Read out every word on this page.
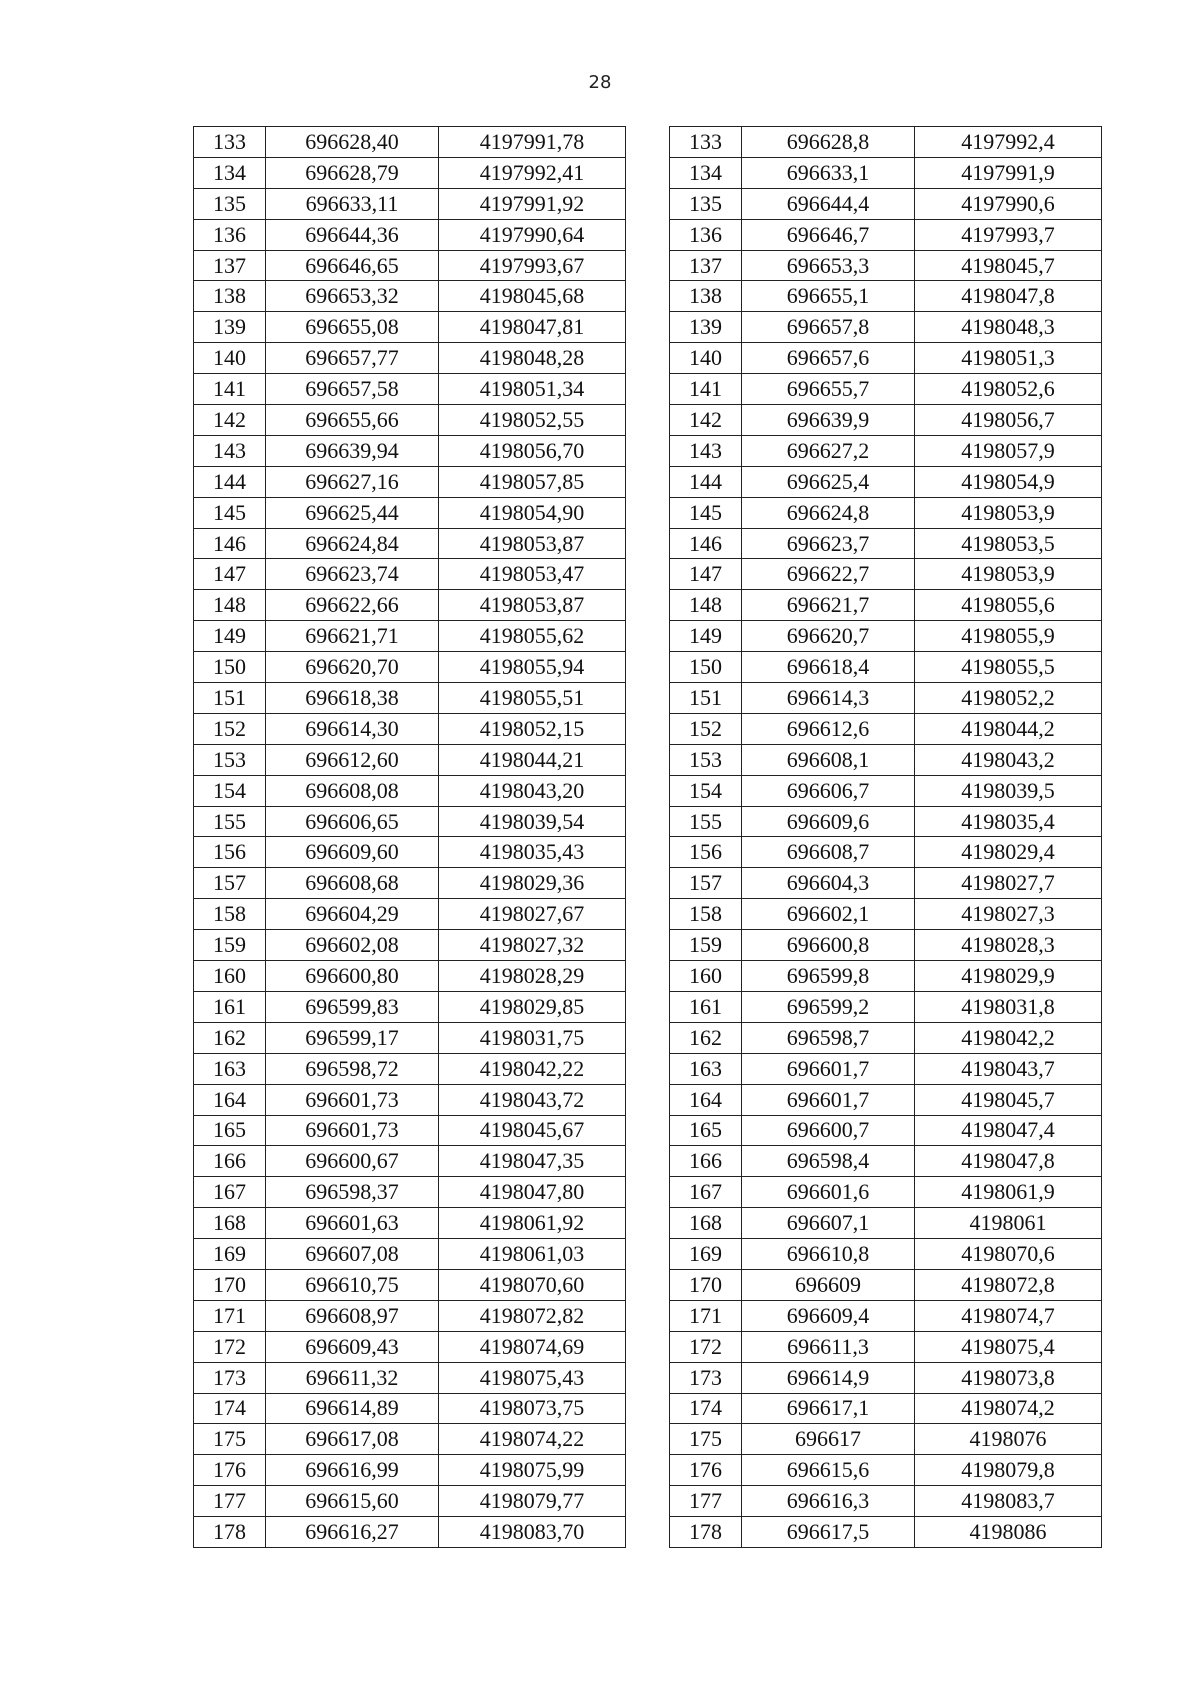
28
133	696628,40	4197991,78
134	696628,79	4197992,41
135	696633,11	4197991,92
136	696644,36	4197990,64
137	696646,65	4197993,67
138	696653,32	4198045,68
139	696655,08	4198047,81
140	696657,77	4198048,28
141	696657,58	4198051,34
142	696655,66	4198052,55
143	696639,94	4198056,70
144	696627,16	4198057,85
145	696625,44	4198054,90
146	696624,84	4198053,87
147	696623,74	4198053,47
148	696622,66	4198053,87
149	696621,71	4198055,62
150	696620,70	4198055,94
151	696618,38	4198055,51
152	696614,30	4198052,15
153	696612,60	4198044,21
154	696608,08	4198043,20
155	696606,65	4198039,54
156	696609,60	4198035,43
157	696608,68	4198029,36
158	696604,29	4198027,67
159	696602,08	4198027,32
160	696600,80	4198028,29
161	696599,83	4198029,85
162	696599,17	4198031,75
163	696598,72	4198042,22
164	696601,73	4198043,72
165	696601,73	4198045,67
166	696600,67	4198047,35
167	696598,37	4198047,80
168	696601,63	4198061,92
169	696607,08	4198061,03
170	696610,75	4198070,60
171	696608,97	4198072,82
172	696609,43	4198074,69
173	696611,32	4198075,43
174	696614,89	4198073,75
175	696617,08	4198074,22
176	696616,99	4198075,99
177	696615,60	4198079,77
178	696616,27	4198083,70
133	696628,8	4197992,4
134	696633,1	4197991,9
135	696644,4	4197990,6
136	696646,7	4197993,7
137	696653,3	4198045,7
138	696655,1	4198047,8
139	696657,8	4198048,3
140	696657,6	4198051,3
141	696655,7	4198052,6
142	696639,9	4198056,7
143	696627,2	4198057,9
144	696625,4	4198054,9
145	696624,8	4198053,9
146	696623,7	4198053,5
147	696622,7	4198053,9
148	696621,7	4198055,6
149	696620,7	4198055,9
150	696618,4	4198055,5
151	696614,3	4198052,2
152	696612,6	4198044,2
153	696608,1	4198043,2
154	696606,7	4198039,5
155	696609,6	4198035,4
156	696608,7	4198029,4
157	696604,3	4198027,7
158	696602,1	4198027,3
159	696600,8	4198028,3
160	696599,8	4198029,9
161	696599,2	4198031,8
162	696598,7	4198042,2
163	696601,7	4198043,7
164	696601,7	4198045,7
165	696600,7	4198047,4
166	696598,4	4198047,8
167	696601,6	4198061,9
168	696607,1	4198061
169	696610,8	4198070,6
170	696609	4198072,8
171	696609,4	4198074,7
172	696611,3	4198075,4
173	696614,9	4198073,8
174	696617,1	4198074,2
175	696617	4198076
176	696615,6	4198079,8
177	696616,3	4198083,7
178	696617,5	4198086
